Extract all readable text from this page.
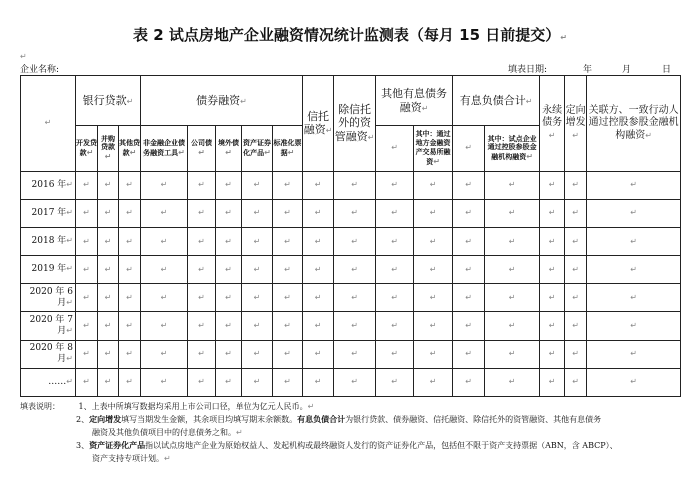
表 2 试点房地产企业融资情况统计监测表（每月 15 日前提交）↵
↵
企业名称:	填表日期:	年	月	日
↵	银行贷款↵			债券融资↵					信托融资↵	除信托外的资管融资↵	其他有息债务融资↵		有息负债合计↵		永续债务↵	定向增发↵	关联方、一致行动人通过控股参股金融机构融资↵
	开发贷款↵	并购贷款↵	其他贷款↵	非金融企业债务融资工具↵	公司债↵	境外债↵	资产证券化产品↵	标准化票据↵			↵	其中：通过地方金融资产交易所融资↵	↵	其中：试点企业通过控股参股金融机构融资↵			
2016 年↵	↵	↵	↵	↵	↵	↵	↵	↵	↵	↵	↵	↵	↵	↵	↵	↵	↵
2017 年↵	↵	↵	↵	↵	↵	↵	↵	↵	↵	↵	↵	↵	↵	↵	↵	↵	↵
2018 年↵	↵	↵	↵	↵	↵	↵	↵	↵	↵	↵	↵	↵	↵	↵	↵	↵	↵
2019 年↵	↵	↵	↵	↵	↵	↵	↵	↵	↵	↵	↵	↵	↵	↵	↵	↵	↵
2020 年 6 月↵	↵	↵	↵	↵	↵	↵	↵	↵	↵	↵	↵	↵	↵	↵	↵	↵	↵
2020 年 7 月↵	↵	↵	↵	↵	↵	↵	↵	↵	↵	↵	↵	↵	↵	↵	↵	↵	↵
2020 年 8 月↵	↵	↵	↵	↵	↵	↵	↵	↵	↵	↵	↵	↵	↵	↵	↵	↵	↵
……↵	↵	↵	↵	↵	↵	↵	↵	↵	↵	↵	↵	↵	↵	↵	↵	↵	↵
填表说明： 1、上表中所填写数据均采用上市公司口径，单位为亿元人民币。↵
2、定向增发填写当期发生金额，其余项目均填写期末余额数。有息负债合计为银行贷款、债券融资、信托融资、除信托外的资管融资、其他有息债务
融资及其他负债项目中的付息债务之和。↵
3、资产证券化产品指以试点房地产企业为原始权益人、发起机构或最终融资人发行的资产证券化产品，包括但不限于资产支持票据（ABN，含 ABCP）、
资产支持专项计划。↵
